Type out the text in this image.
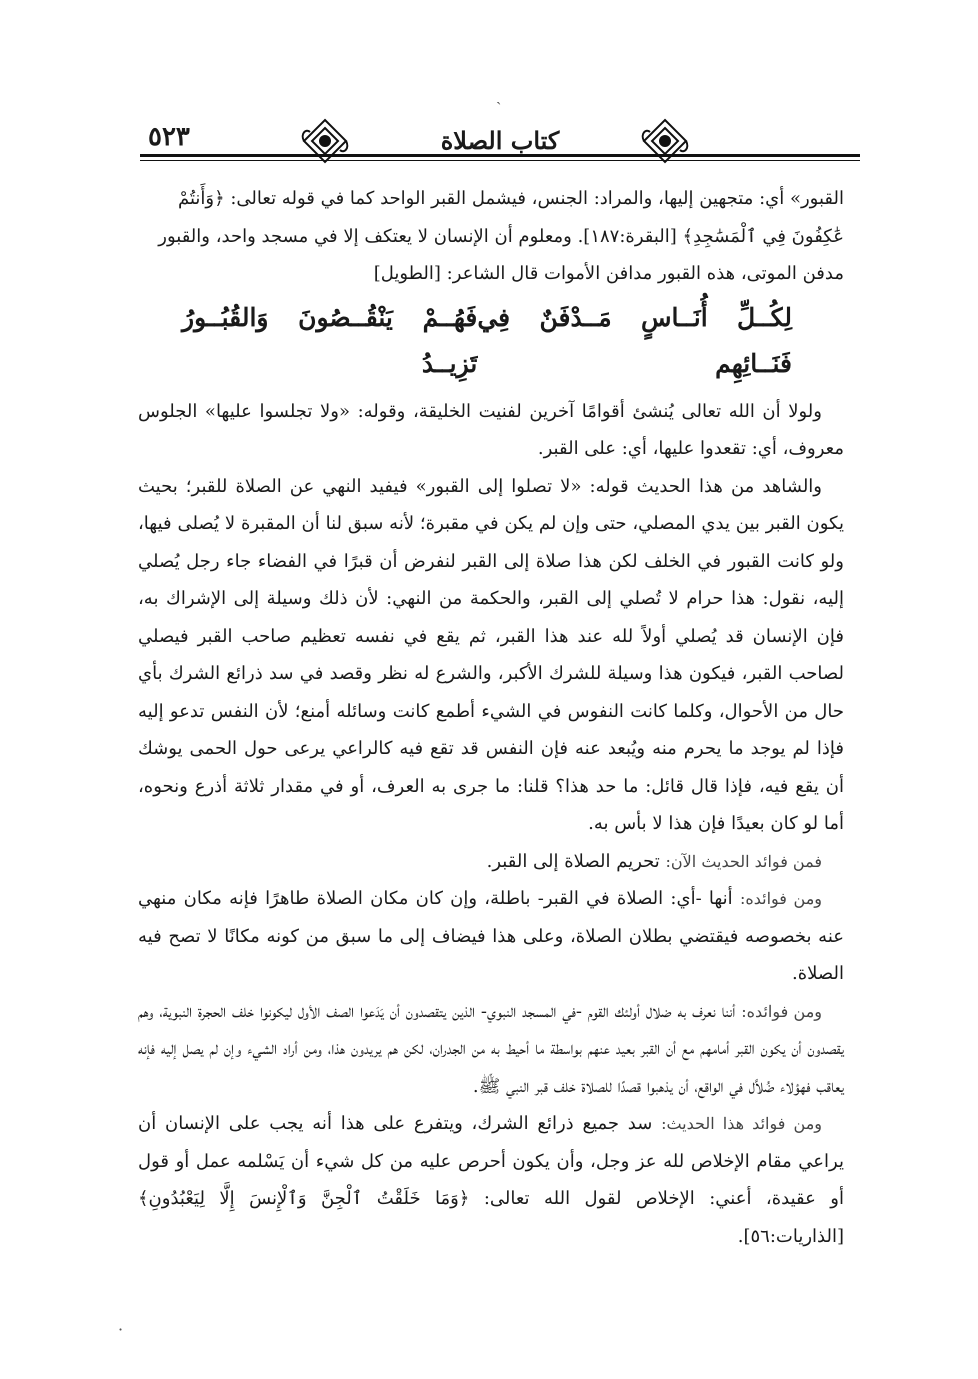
٥٢٣	كتاب الصلاة

القبور» أي: متجهين إليها، والمراد: الجنس، فيشمل القبر الواحد كما في قوله تعالى: ﴿وَأَنتُمْ

عَٰكِفُونَ فِي ٱلْمَسَٰجِدِ﴾ [البقرة:١٨٧]. ومعلوم أن الإنسان لا يعتكف إلا في مسجد واحد، والقبور

مدفن الموتى، هذه القبور مدافن الأموات قال الشاعر: [الطويل]

لِكُــلِّ أُنَــاسٍ مَــدْفَنٌ فِي فَنَــائِهِم
فَهُــمْ يَنْقُــصُونَ وَالقُبُــورُ تَزِيــدُ

ولولا أن الله تعالى يُنشئ أقوامًا آخرين لفنيت الخليقة، وقوله: «ولا تجلسوا عليها» الجلوس معروف، أي: تقعدوا عليها، أي: على القبر.

والشاهد من هذا الحديث قوله: «لا تصلوا إلى القبور» فيفيد النهي عن الصلاة للقبر؛ بحيث يكون القبر بين يدي المصلي، حتى وإن لم يكن في مقبرة؛ لأنه سبق لنا أن المقبرة لا يُصلى فيها، ولو كانت القبور في الخلف لكن هذا صلاة إلى القبر لنفرض أن قبرًا في الفضاء جاء رجل يُصلي إليه، نقول: هذا حرام لا تُصلي إلى القبر، والحكمة من النهي: لأن ذلك وسيلة إلى الإشراك به، فإن الإنسان قد يُصلي أولاً لله عند هذا القبر، ثم يقع في نفسه تعظيم صاحب القبر فيصلي لصاحب القبر، فيكون هذا وسيلة للشرك الأكبر، والشرع له نظر وقصد في سد ذرائع الشرك بأي حال من الأحوال، وكلما كانت النفوس في الشيء أطمع كانت وسائله أمنع؛ لأن النفس تدعو إليه فإذا لم يوجد ما يحرم منه ويُبعد عنه فإن النفس قد تقع فيه كالراعي يرعى حول الحمى يوشك أن يقع فيه، فإذا قال قائل: ما حد هذا؟ قلنا: ما جرى به العرف، أو في مقدار ثلاثة أذرع ونحوه، أما لو كان بعيدًا فإن هذا لا بأس به.

فمن فوائد الحديث الآن: تحريم الصلاة إلى القبر.

ومن فوائده: أنها -أي: الصلاة في القبر- باطلة، وإن كان مكان الصلاة طاهرًا فإنه مكان منهي عنه بخصوصه فيقتضي بطلان الصلاة، وعلى هذا فيضاف إلى ما سبق من كونه مكانًا لا تصح فيه الصلاة.

ومن فوائده: أننا نعرف به ضلال أولئك القوم -في المسجد النبوي- الذين يتقصدون أن يَدَعوا الصف الأول ليكونوا خلف الحجرة النبوية، وهم يقصدون أن يكون القبر أمامهم مع أن القبر بعيد عنهم بواسطة ما أحيط به من الجدران، لكن هم يريدون هذا، ومن أراد الشيء وإن لم يصل إليه فإنه يعاقب فهؤلاء ضُلاَّل في الواقع، أن يذهبوا قصدًا للصلاة خلف قبر النبي ﷺ.

ومن فوائد هذا الحديث: سد جميع ذرائع الشرك، ويتفرع على هذا أنه يجب على الإنسان أن يراعي مقام الإخلاص لله عز وجل، وأن يكون أحرص عليه من كل شيء أن يَسْلمه عمل أو قول أو عقيدة، أعني: الإخلاص لقول الله تعالى: ﴿وَمَا خَلَقْتُ ٱلْجِنَّ وَٱلْإِنسَ إِلَّا لِيَعْبُدُونِ﴾ [الذاريات:٥٦].

ˎ
·
